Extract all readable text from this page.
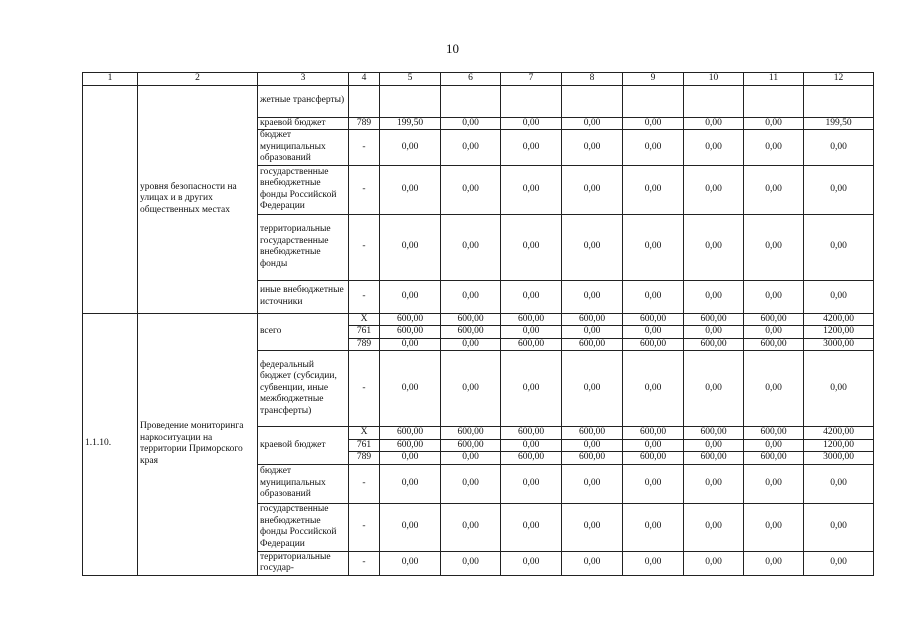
10
1	2	3	4	5	6	7	8	9	10	11	12
	уровня безопасности на улицах и в других общественных местах	жетные трансферты)									
		краевой бюджет	789	199,50	0,00	0,00	0,00	0,00	0,00	0,00	199,50
		бюджет муниципальных образований	-	0,00	0,00	0,00	0,00	0,00	0,00	0,00	0,00
		государственные внебюджетные фонды Российской Федерации	-	0,00	0,00	0,00	0,00	0,00	0,00	0,00	0,00
		территориальные государственные внебюджетные фонды	-	0,00	0,00	0,00	0,00	0,00	0,00	0,00	0,00
		иные внебюджетные источники	-	0,00	0,00	0,00	0,00	0,00	0,00	0,00	0,00
1.1.10.	Проведение мониторинга наркоситуации на территории Приморского края	всего	X	600,00	600,00	600,00	600,00	600,00	600,00	600,00	4200,00
			761	600,00	600,00	0,00	0,00	0,00	0,00	0,00	1200,00
			789	0,00	0,00	600,00	600,00	600,00	600,00	600,00	3000,00
		федеральный бюджет (субсидии, субвенции, иные межбюджетные трансферты)	-	0,00	0,00	0,00	0,00	0,00	0,00	0,00	0,00
		краевой бюджет	X	600,00	600,00	600,00	600,00	600,00	600,00	600,00	4200,00
			761	600,00	600,00	0,00	0,00	0,00	0,00	0,00	1200,00
			789	0,00	0,00	600,00	600,00	600,00	600,00	600,00	3000,00
		бюджет муниципальных образований	-	0,00	0,00	0,00	0,00	0,00	0,00	0,00	0,00
		государственные внебюджетные фонды Российской Федерации	-	0,00	0,00	0,00	0,00	0,00	0,00	0,00	0,00
		территориальные государ-	-	0,00	0,00	0,00	0,00	0,00	0,00	0,00	0,00
